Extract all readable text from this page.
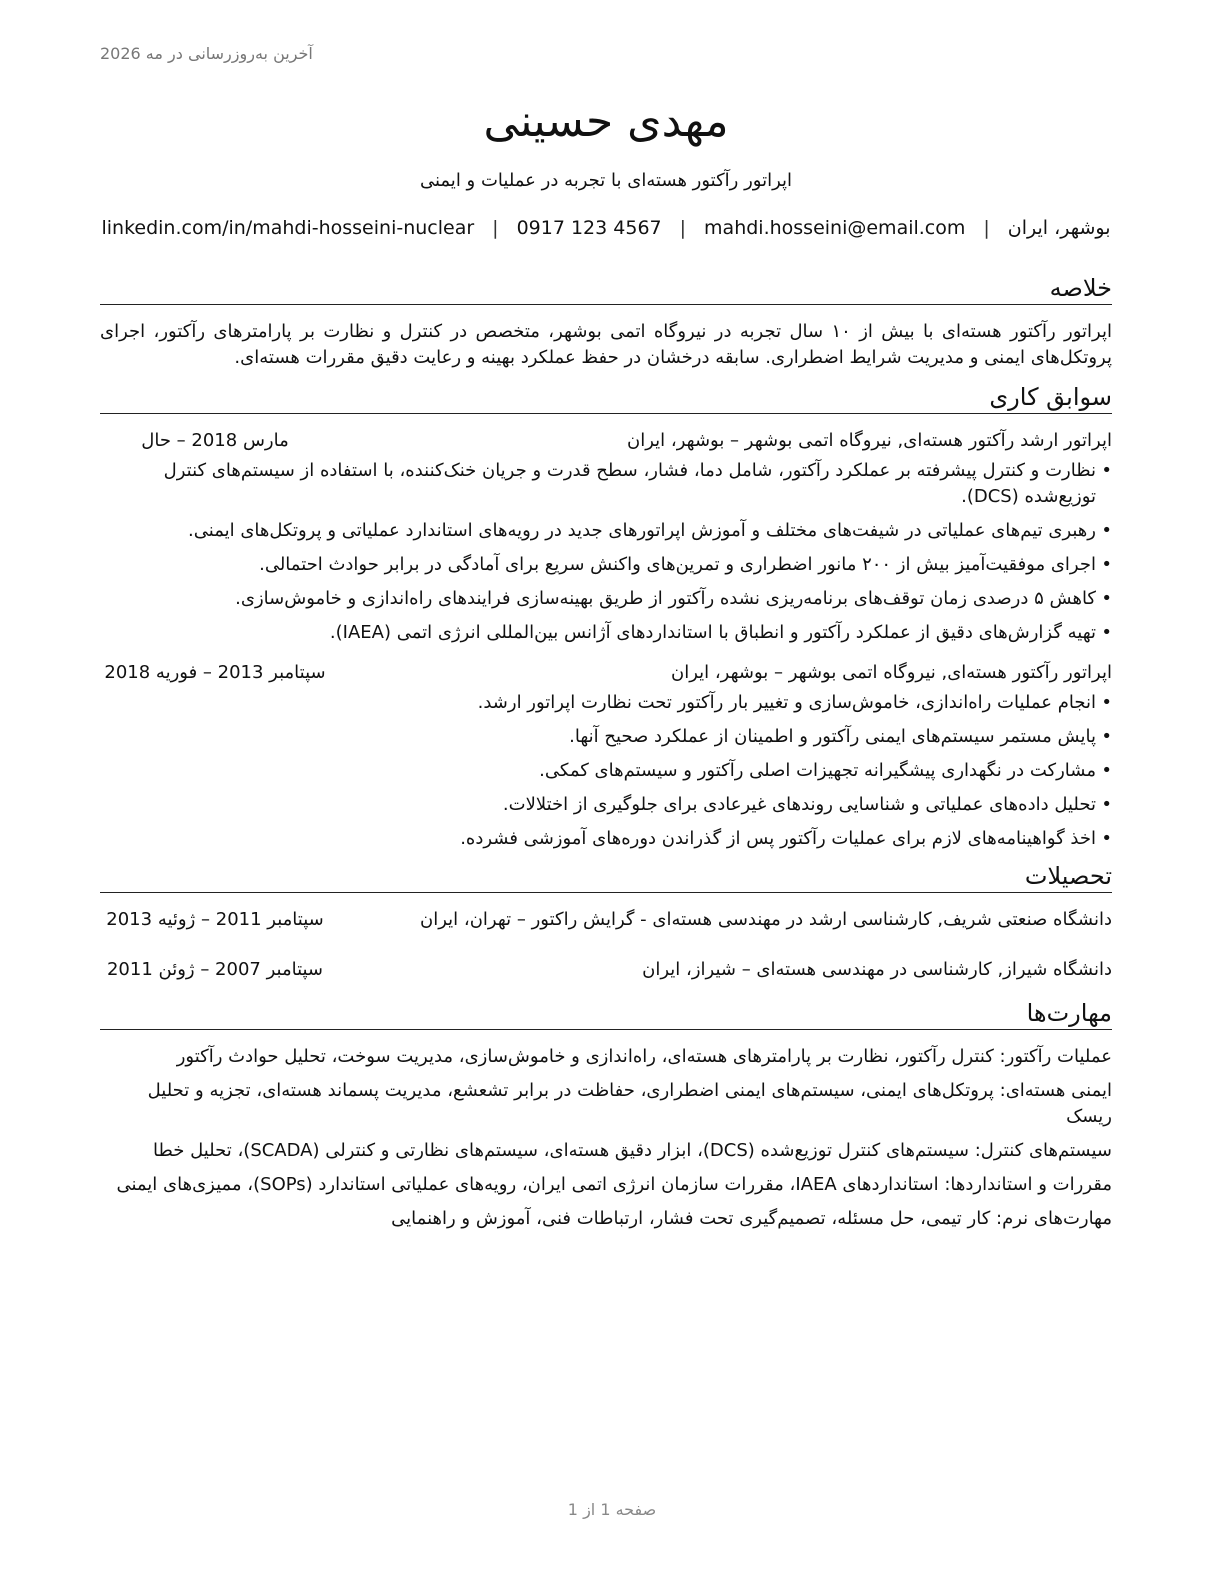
آخرین به‌روزرسانی در مه 2026
مهدی حسینی
اپراتور رآکتور هسته‌ای با تجربه در عملیات و ایمنی
بوشهر، ایران
|
mahdi.hosseini@email.com
|
0917 123 4567
|
linkedin.com/in/mahdi-hosseini-nuclear
خلاصه

اپراتور رآکتور هسته‌ای با بیش از ۱۰ سال تجربه در نیروگاه اتمی بوشهر، متخصص در کنترل و نظارت بر پارامترهای رآکتور، اجرای پروتکل‌های ایمنی و مدیریت شرایط اضطراری. سابقه درخشان در حفظ عملکرد بهینه و رعایت دقیق مقررات هسته‌ای.

سوابق کاری
اپراتور ارشد رآکتور هسته‌ای, نیروگاه اتمی بوشهر – بوشهر، ایران
مارس 2018 – حال
• نظارت و کنترل پیشرفته بر عملکرد رآکتور، شامل دما، فشار، سطح قدرت و جریان خنک‌کننده، با استفاده از سیستم‌های کنترل توزیع‌شده (DCS).
• رهبری تیم‌های عملیاتی در شیفت‌های مختلف و آموزش اپراتورهای جدید در رویه‌های استاندارد عملیاتی و پروتکل‌های ایمنی.
• اجرای موفقیت‌آمیز بیش از ۲۰۰ مانور اضطراری و تمرین‌های واکنش سریع برای آمادگی در برابر حوادث احتمالی.
• کاهش ۵ درصدی زمان توقف‌های برنامه‌ریزی نشده رآکتور از طریق بهینه‌سازی فرایندهای راه‌اندازی و خاموش‌سازی.
• تهیه گزارش‌های دقیق از عملکرد رآکتور و انطباق با استانداردهای آژانس بین‌المللی انرژی اتمی (IAEA).
اپراتور رآکتور هسته‌ای, نیروگاه اتمی بوشهر – بوشهر، ایران
سپتامبر 2013 – فوریه 2018
• انجام عملیات راه‌اندازی، خاموش‌سازی و تغییر بار رآکتور تحت نظارت اپراتور ارشد.
• پایش مستمر سیستم‌های ایمنی رآکتور و اطمینان از عملکرد صحیح آنها.
• مشارکت در نگهداری پیشگیرانه تجهیزات اصلی رآکتور و سیستم‌های کمکی.
• تحلیل داده‌های عملیاتی و شناسایی روندهای غیرعادی برای جلوگیری از اختلالات.
• اخذ گواهینامه‌های لازم برای عملیات رآکتور پس از گذراندن دوره‌های آموزشی فشرده.
تحصیلات
دانشگاه صنعتی شریف, کارشناسی ارشد در مهندسی هسته‌ای - گرایش راکتور – تهران، ایران
سپتامبر 2011 – ژوئیه 2013
دانشگاه شیراز, کارشناسی در مهندسی هسته‌ای – شیراز، ایران
سپتامبر 2007 – ژوئن 2011
مهارت‌ها

عملیات رآکتور: کنترل رآکتور، نظارت بر پارامترهای هسته‌ای، راه‌اندازی و خاموش‌سازی، مدیریت سوخت، تحلیل حوادث رآکتور

ایمنی هسته‌ای: پروتکل‌های ایمنی، سیستم‌های ایمنی اضطراری، حفاظت در برابر تشعشع، مدیریت پسماند هسته‌ای، تجزیه و تحلیل ریسک

سیستم‌های کنترل: سیستم‌های کنترل توزیع‌شده (DCS)، ابزار دقیق هسته‌ای، سیستم‌های نظارتی و کنترلی (SCADA)، تحلیل خطا

مقررات و استانداردها: استانداردهای IAEA، مقررات سازمان انرژی اتمی ایران، رویه‌های عملیاتی استاندارد (SOPs)، ممیزی‌های ایمنی

مهارت‌های نرم: کار تیمی، حل مسئله، تصمیم‌گیری تحت فشار، ارتباطات فنی، آموزش و راهنمایی

صفحه 1 از 1
